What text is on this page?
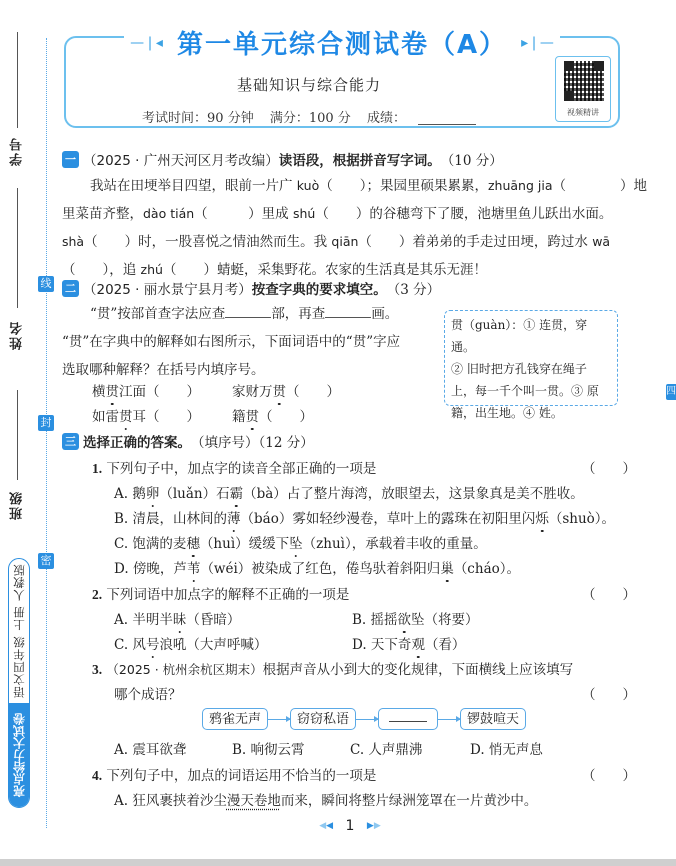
线
封
密
学号
姓名
班级
亮点给力大试卷
语文四年级 上册 人教版
—❘◂ 第一单元综合测试卷（A）	▸❘—
基础知识与综合能力
考试时间：90 分钟 满分：100 分 成绩：	视频精讲
一 （2025 · 广州天河区月考改编） 读语段，根据拼音写字词。 （10 分）

我站在田埂举目四望，眼前一片广 kuò（　　）；果园里硕果累累，zhuāng jia（　　　　）地

里菜苗齐整，dào tián（　　　）里成 shú（　　）的谷穗弯下了腰，池塘里鱼儿跃出水面。

shà（　　）时，一股喜悦之情油然而生。我 qiān（　　）着弟弟的手走过田埂，跨过水 wā

（　　），追 zhú（　　）蜻蜓，采集野花。农家的生活真是其乐无涯！

二 （2025 · 丽水景宁县月考） 按查字典的要求填空。 （3 分）

“贯”按部首查字法应查	部，再查	画。

“贯”在字典中的解释如右图所示，下面词语中的“贯”字应

选取哪种解释？在括号内填序号。

横贯江面（　　） 家财万贯（　　）
如雷贯耳（　　） 籍贯（　　）
贯（guàn）：① 连贯，穿通。
② 旧时把方孔钱穿在绳子
上，每一千个叫一贯。③ 原
籍，出生地。④ 姓。
三 选择正确的答案。 （填序号）（12 分）
1. 下列句子中，加点字的读音全部正确的一项是	（　　）
A. 鹅卵（luǎn）石霸（bà）占了整片海湾，放眼望去，这景象真是美不胜收。
B. 清晨，山林间的薄（báo）雾如轻纱漫卷，草叶上的露珠在初阳里闪烁（shuò）。
C. 饱满的麦穗（huì）缓缓下坠（zhuì），承载着丰收的重量。
D. 傍晚，芦苇（wéi）被染成了红色，倦鸟驮着斜阳归巢（cháo）。
2. 下列词语中加点字的解释不正确的一项是	（　　）
A. 半明半昧（昏暗）	B. 摇摇欲坠（将要）
C. 风号浪吼（大声呼喊）	D. 天下奇观（看）
3. （2025 · 杭州余杭区期末）根据声音从小到大的变化规律，下面横线上应该填写
哪个成语？	（　　）
鸦雀无声	窃窃私语	锣鼓喧天
A. 震耳欲聋	B. 响彻云霄	C. 人声鼎沸	D. 悄无声息
4. 下列句子中，加点的词语运用不恰当的一项是	（　　）
A. 狂风裹挟着沙尘漫天卷地而来，瞬间将整片绿洲笼罩在一片黄沙中。
◀◀ 1 ▶▶
四
